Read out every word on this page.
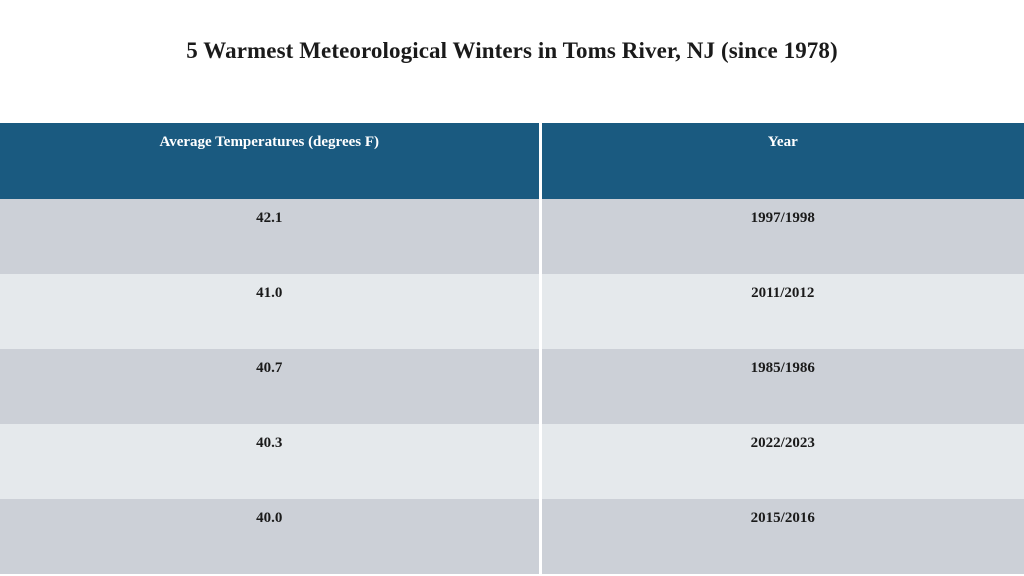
5 Warmest Meteorological Winters in Toms River, NJ (since 1978)
Average Temperatures (degrees F)	Year

42.1	1997/1998

41.0	2011/2012

40.7	1985/1986

40.3	2022/2023

40.0	2015/2016
